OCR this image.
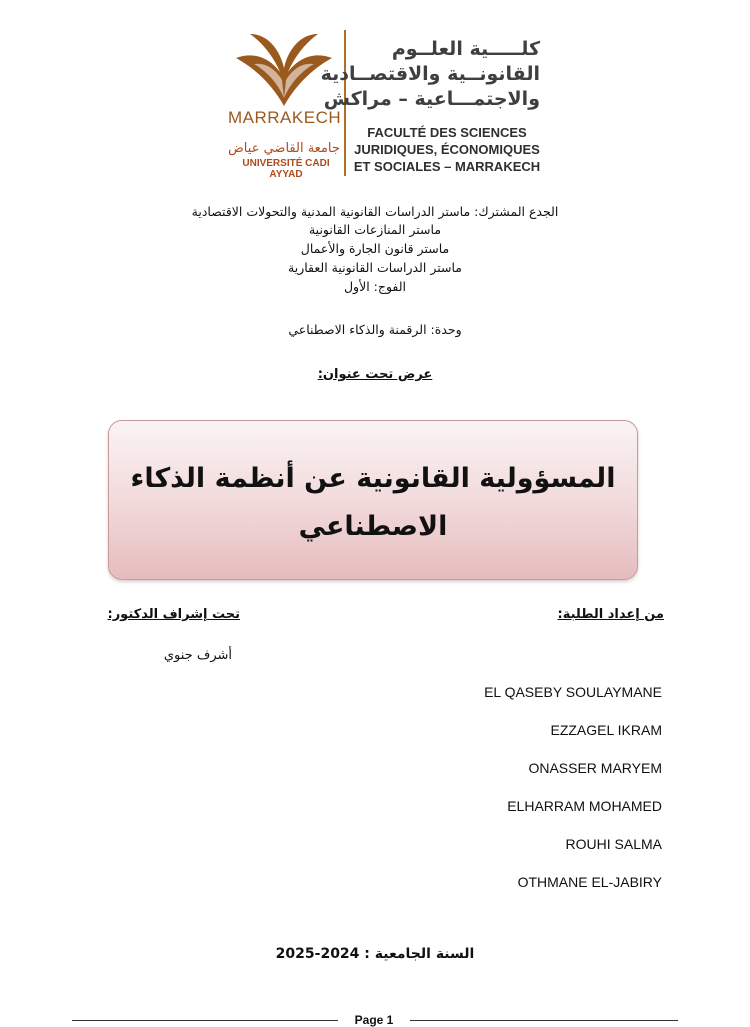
MARRAKECH
جامعة القاضي عياض
UNIVERSITÉ CADI AYYAD
كلـــــية العلــوم
القانونــية والاقتصــادية
والاجتمـــاعية – مراكش
FACULTÉ DES SCIENCES
JURIDIQUES, ÉCONOMIQUES
ET SOCIALES – MARRAKECH
الجدع المشترك: ماستر الدراسات القانونية المدنية والتحولات الاقتصادية
ماستر المنازعات القانونية
ماستر قانون الجارة والأعمال
ماستر الدراسات القانونية العقارية
الفوج: الأول
وحدة: الرقمنة والذكاء الاصطناعي
عرض تحت عنوان:
المسؤولية القانونية عن أنظمة الذكاء
الاصطناعي
تحت إشراف الدكتور:	من إعداد الطلبة:
أشرف جنوي
EL QASEBY SOULAYMANE
EZZAGEL IKRAM
ONASSER MARYEM
ELHARRAM MOHAMED
ROUHI SALMA
OTHMANE EL-JABIRY
السنة الجامعية : 2024-2025
Page 1
